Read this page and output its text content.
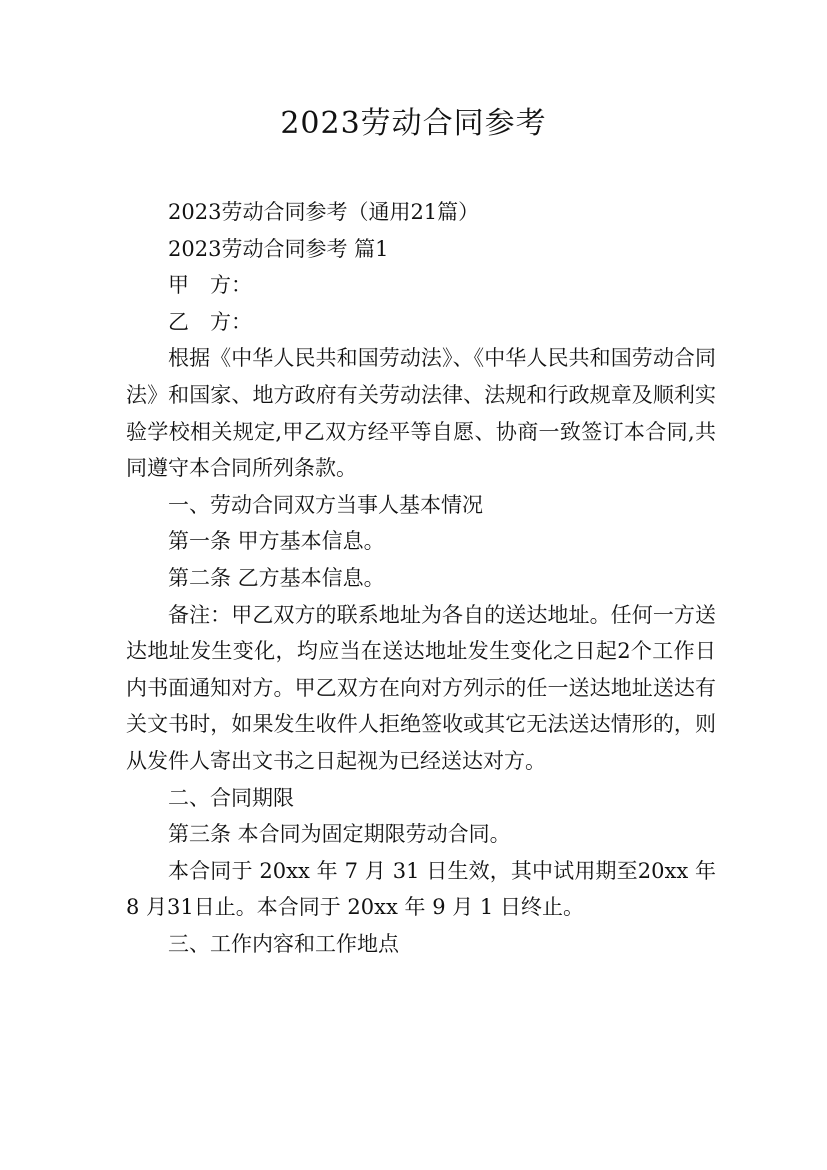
2023劳动合同参考

2023劳动合同参考（通用21篇）

2023劳动合同参考 篇1

甲　方：

乙　方：

根据《中华人民共和国劳动法》、《中华人民共和国劳动合同法》和国家、地方政府有关劳动法律、法规和行政规章及顺利实验学校相关规定,甲乙双方经平等自愿、协商一致签订本合同,共同遵守本合同所列条款。

一、劳动合同双方当事人基本情况

第一条 甲方基本信息。

第二条 乙方基本信息。

备注：甲乙双方的联系地址为各自的送达地址。任何一方送达地址发生变化，均应当在送达地址发生变化之日起2个工作日内书面通知对方。甲乙双方在向对方列示的任一送达地址送达有关文书时，如果发生收件人拒绝签收或其它无法送达情形的，则从发件人寄出文书之日起视为已经送达对方。

二、合同期限

第三条 本合同为固定期限劳动合同。

本合同于 20xx 年 7 月 31 日生效，其中试用期至20xx 年 8 月31日止。本合同于 20xx 年 9 月 1 日终止。

三、工作内容和工作地点
